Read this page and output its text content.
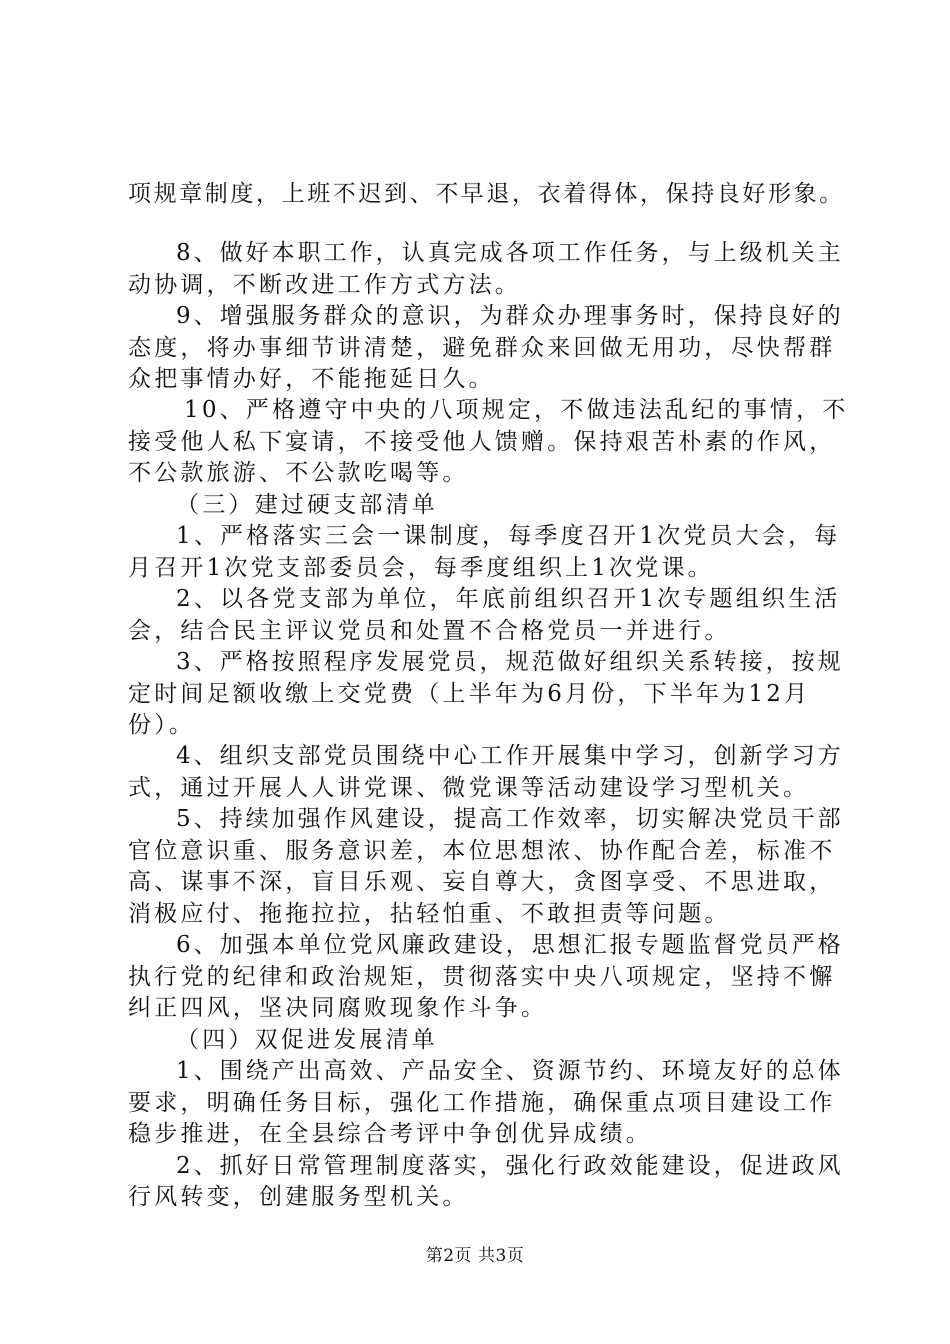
项规章制度，上班不迟到、不早退，衣着得体，保持良好形象。
8、做好本职工作，认真完成各项工作任务，与上级机关主
动协调，不断改进工作方式方法。
9、增强服务群众的意识，为群众办理事务时，保持良好的
态度，将办事细节讲清楚，避免群众来回做无用功，尽快帮群
众把事情办好，不能拖延日久。
10、严格遵守中央的八项规定，不做违法乱纪的事情，不
接受他人私下宴请，不接受他人馈赠。保持艰苦朴素的作风，
不公款旅游、不公款吃喝等。
（三）建过硬支部清单
1、严格落实三会一课制度，每季度召开1次党员大会，每
月召开1次党支部委员会，每季度组织上1次党课。
2、以各党支部为单位，年底前组织召开1次专题组织生活
会，结合民主评议党员和处置不合格党员一并进行。
3、严格按照程序发展党员，规范做好组织关系转接，按规
定时间足额收缴上交党费（上半年为6月份，下半年为12月
份）。
4、组织支部党员围绕中心工作开展集中学习，创新学习方
式，通过开展人人讲党课、微党课等活动建设学习型机关。
5、持续加强作风建设，提高工作效率，切实解决党员干部
官位意识重、服务意识差，本位思想浓、协作配合差，标准不
高、谋事不深，盲目乐观、妄自尊大，贪图享受、不思进取，
消极应付、拖拖拉拉，拈轻怕重、不敢担责等问题。
6、加强本单位党风廉政建设，思想汇报专题监督党员严格
执行党的纪律和政治规矩，贯彻落实中央八项规定，坚持不懈
纠正四风，坚决同腐败现象作斗争。
（四）双促进发展清单
1、围绕产出高效、产品安全、资源节约、环境友好的总体
要求，明确任务目标，强化工作措施，确保重点项目建设工作
稳步推进，在全县综合考评中争创优异成绩。
2、抓好日常管理制度落实，强化行政效能建设，促进政风
行风转变，创建服务型机关。
第2页 共3页
